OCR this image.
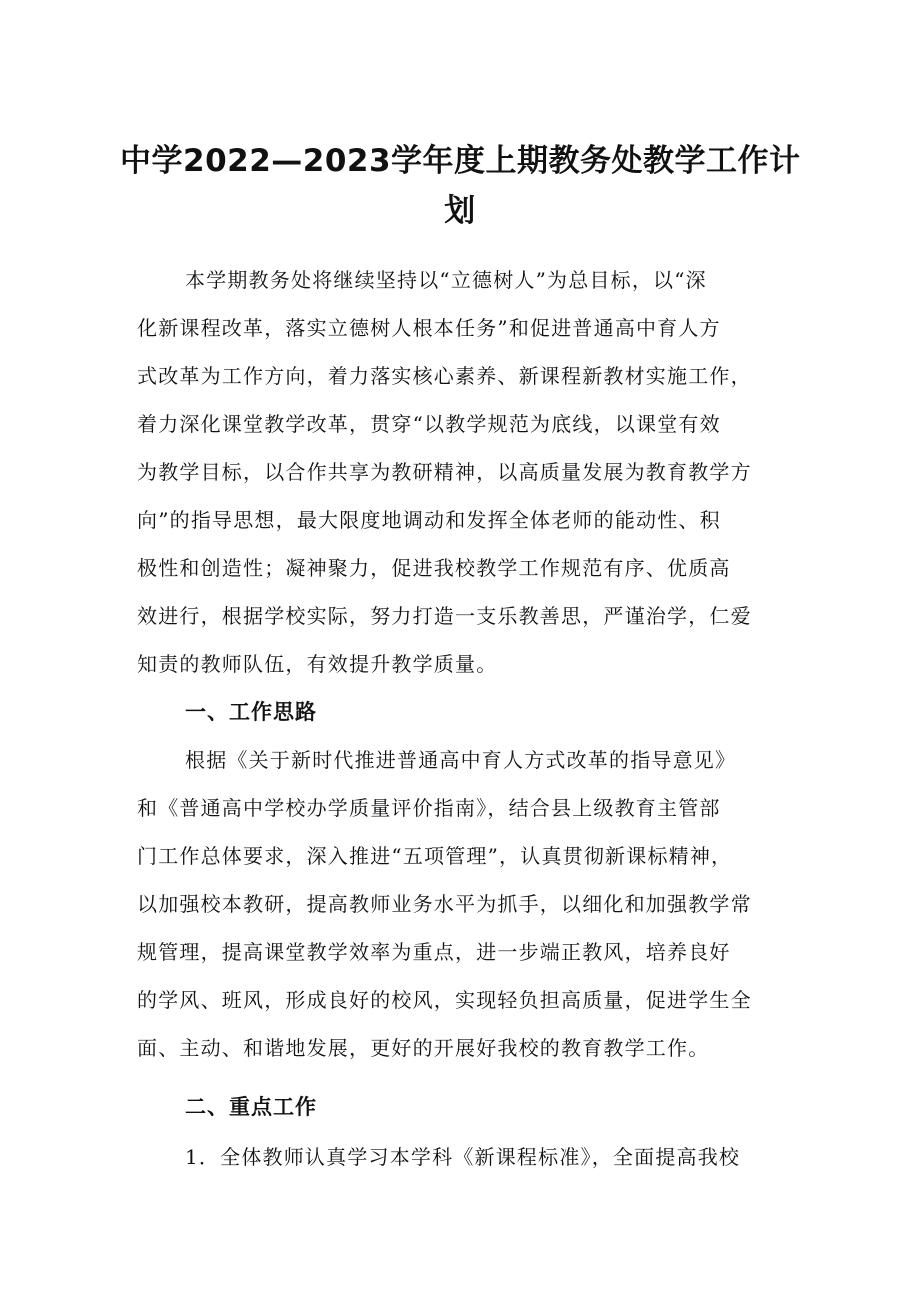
中学2022—2023学年度上期教务处教学工作计
划

本学期教务处将继续坚持以“立德树人”为总目标，以“深

化新课程改革，落实立德树人根本任务”和促进普通高中育人方

式改革为工作方向，着力落实核心素养、新课程新教材实施工作，

着力深化课堂教学改革，贯穿“以教学规范为底线，以课堂有效

为教学目标，以合作共享为教研精神，以高质量发展为教育教学方

向”的指导思想，最大限度地调动和发挥全体老师的能动性、积

极性和创造性；凝神聚力，促进我校教学工作规范有序、优质高

效进行，根据学校实际，努力打造一支乐教善思，严谨治学，仁爱

知责的教师队伍，有效提升教学质量。

一、工作思路

根据《关于新时代推进普通高中育人方式改革的指导意见》

和《普通高中学校办学质量评价指南》，结合县上级教育主管部

门工作总体要求，深入推进“五项管理”，认真贯彻新课标精神，

以加强校本教研，提高教师业务水平为抓手，以细化和加强教学常

规管理，提高课堂教学效率为重点，进一步端正教风，培养良好

的学风、班风，形成良好的校风，实现轻负担高质量，促进学生全

面、主动、和谐地发展，更好的开展好我校的教育教学工作。

二、重点工作

1．全体教师认真学习本学科《新课程标准》，全面提高我校
